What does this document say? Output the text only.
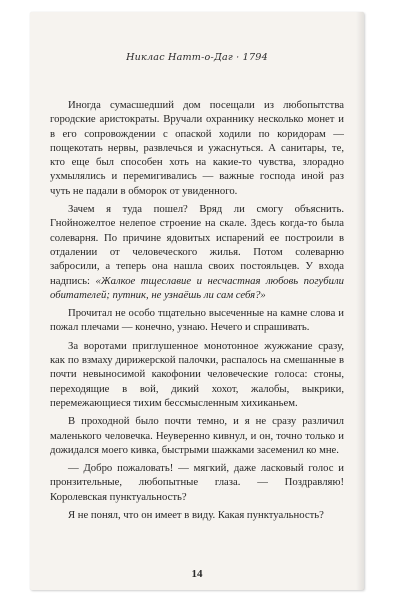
Никлас Натт-о-Даг · 1794

Иногда сумасшедший дом посещали из любопытства городские аристократы. Вручали охраннику несколько монет и в его сопровождении с опаской ходили по коридорам — пощекотать нервы, развлечься и ужаснуться. А санитары, те, кто еще был способен хоть на какие-то чувства, злорадно ухмылялись и перемигивались — важные господа иной раз чуть не падали в обморок от увиденного.

Зачем я туда пошел? Вряд ли смогу объяснить. Гнойножелтое нелепое строение на скале. Здесь когда-то была солеварня. По причине ядовитых испарений ее построили в отдалении от человеческого жилья. Потом солеварню забросили, а теперь она нашла своих постояльцев. У входа надпись: «Жалкое тщеславие и несчастная любовь погубили обитателей; путник, не узнаёшь ли сам себя?»

Прочитал не особо тщательно высеченные на камне слова и пожал плечами — конечно, узнаю. Нечего и спрашивать.

За воротами приглушенное монотонное жужжание сразу, как по взмаху дирижерской палочки, распалось на смешанные в почти невыносимой какофонии человеческие голоса: стоны, переходящие в вой, дикий хохот, жалобы, выкрики, перемежающиеся тихим бессмысленным хихиканьем.

В проходной было почти темно, и я не сразу различил маленького человечка. Неуверенно кивнул, и он, точно только и дожидался моего кивка, быстрыми шажками засеменил ко мне.

— Добро пожаловать! — мягкий, даже ласковый голос и пронзительные, любопытные глаза. — Поздравляю! Королевская пунктуальность?

Я не понял, что он имеет в виду. Какая пунктуальность?

14
